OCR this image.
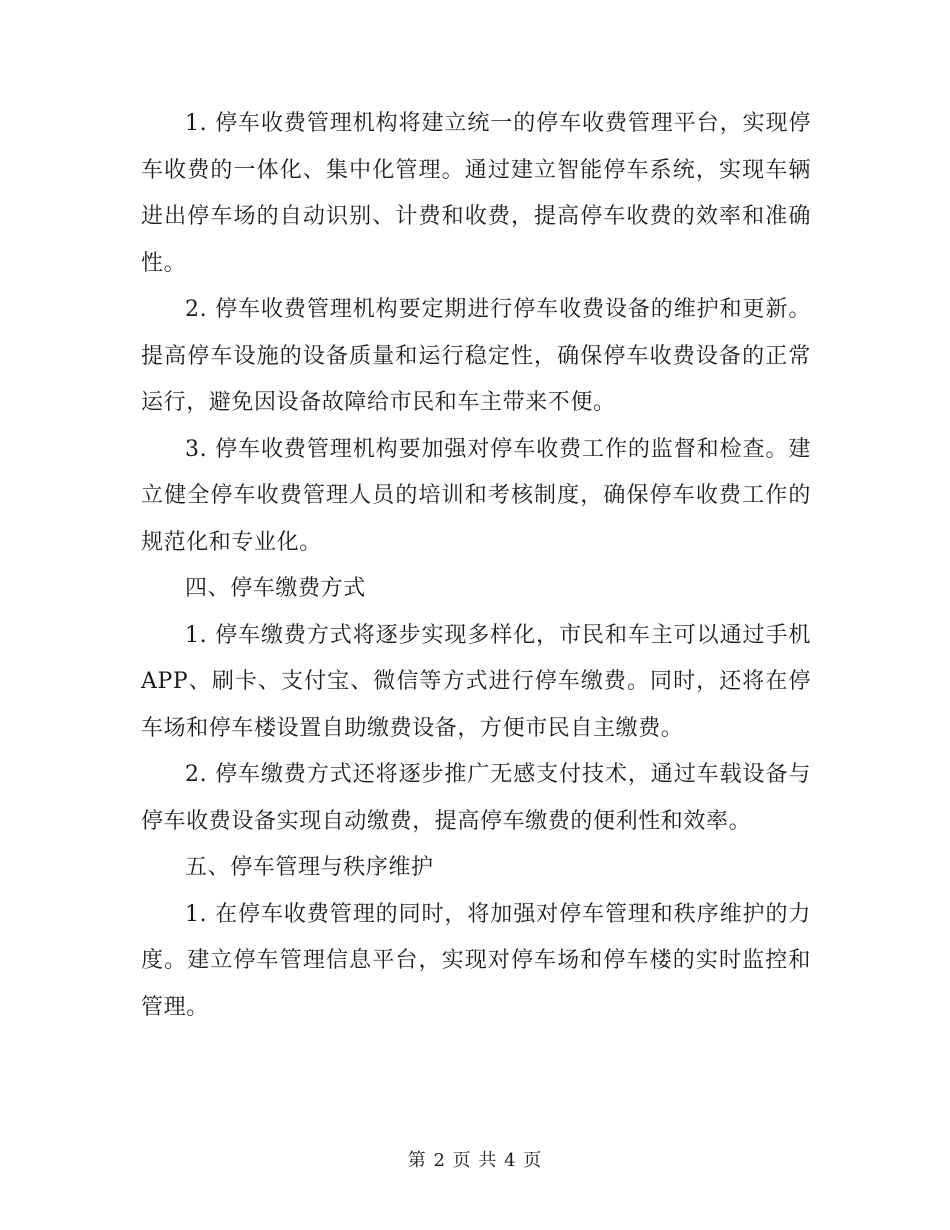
1. 停车收费管理机构将建立统一的停车收费管理平台，实现停车收费的一体化、集中化管理。通过建立智能停车系统，实现车辆进出停车场的自动识别、计费和收费，提高停车收费的效率和准确性。

2. 停车收费管理机构要定期进行停车收费设备的维护和更新。提高停车设施的设备质量和运行稳定性，确保停车收费设备的正常运行，避免因设备故障给市民和车主带来不便。

3. 停车收费管理机构要加强对停车收费工作的监督和检查。建立健全停车收费管理人员的培训和考核制度，确保停车收费工作的规范化和专业化。

四、停车缴费方式

1. 停车缴费方式将逐步实现多样化，市民和车主可以通过手机 APP、刷卡、支付宝、微信等方式进行停车缴费。同时，还将在停车场和停车楼设置自助缴费设备，方便市民自主缴费。

2. 停车缴费方式还将逐步推广无感支付技术，通过车载设备与停车收费设备实现自动缴费，提高停车缴费的便利性和效率。

五、停车管理与秩序维护

1. 在停车收费管理的同时，将加强对停车管理和秩序维护的力度。建立停车管理信息平台，实现对停车场和停车楼的实时监控和管理。

第 2 页 共 4 页
